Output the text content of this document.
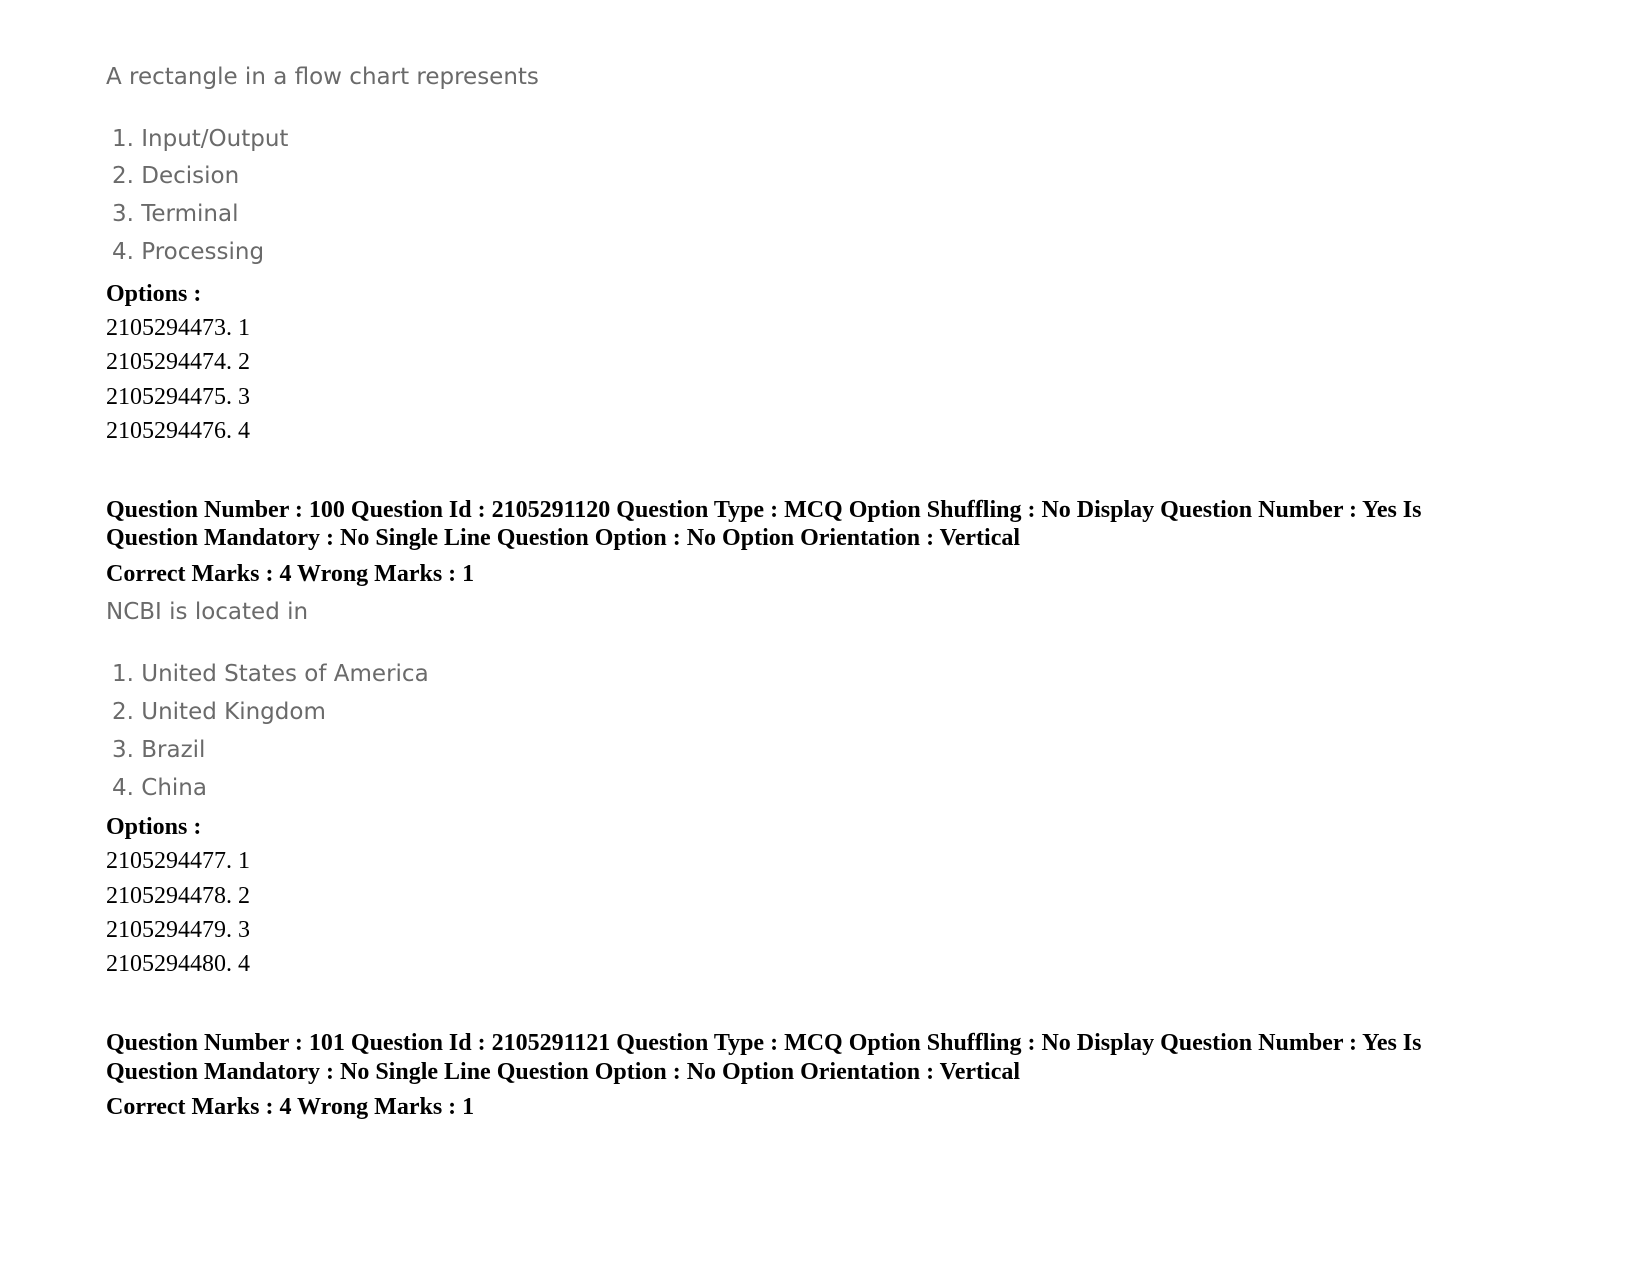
A rectangle in a flow chart represents
1. Input/Output
2. Decision
3. Terminal
4. Processing
Options :
2105294473. 1
2105294474. 2
2105294475. 3
2105294476. 4
Question Number : 100 Question Id : 2105291120 Question Type : MCQ Option Shuffling : No Display Question Number : Yes Is
Question Mandatory : No Single Line Question Option : No Option Orientation : Vertical
Correct Marks : 4 Wrong Marks : 1
NCBI is located in
1. United States of America
2. United Kingdom
3. Brazil
4. China
Options :
2105294477. 1
2105294478. 2
2105294479. 3
2105294480. 4
Question Number : 101 Question Id : 2105291121 Question Type : MCQ Option Shuffling : No Display Question Number : Yes Is
Question Mandatory : No Single Line Question Option : No Option Orientation : Vertical
Correct Marks : 4 Wrong Marks : 1
